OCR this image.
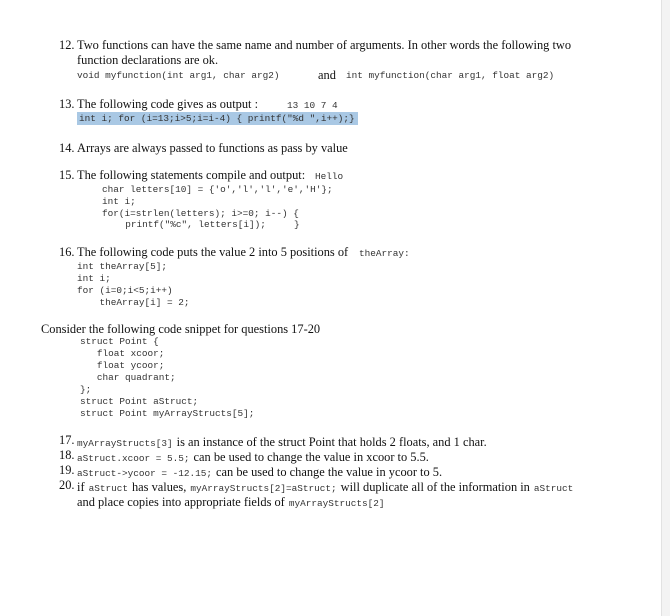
12. Two functions can have the same name and number of arguments. In other words the following two
function declarations are ok.
void myfunction(int arg1, char arg2)	and int myfunction(char arg1, float arg2)
13. The following code gives as output :	13 10 7 4
int i; for (i=13;i>5;i=i-4) { printf("%d ",i++);}
14. Arrays are always passed to functions as pass by value
15. The following statements compile and output: Hello
char letters[10] = {'o','l','l','e','H'};
int i;
for(i=strlen(letters); i>=0; i--) {
printf("%c", letters[i]);     }
16. The following code puts the value 2 into 5 positions of theArray:
int theArray[5];
int i;
for (i=0;i<5;i++)
theArray[i] = 2;
Consider the following code snippet for questions 17-20
struct Point {
float xcoor;
float ycoor;
char quadrant;
};
struct Point aStruct;
struct Point myArrayStructs[5];
17. myArrayStructs[3] is an instance of the struct Point that holds 2 floats, and 1 char.
18. aStruct.xcoor = 5.5; can be used to change the value in xcoor to 5.5.
19. aStruct->ycoor = -12.15; can be used to change the value in ycoor to 5.
20. if aStruct has values, myArrayStructs[2]=aStruct; will duplicate all of the information in aStruct
and place copies into appropriate fields of myArrayStructs[2]
